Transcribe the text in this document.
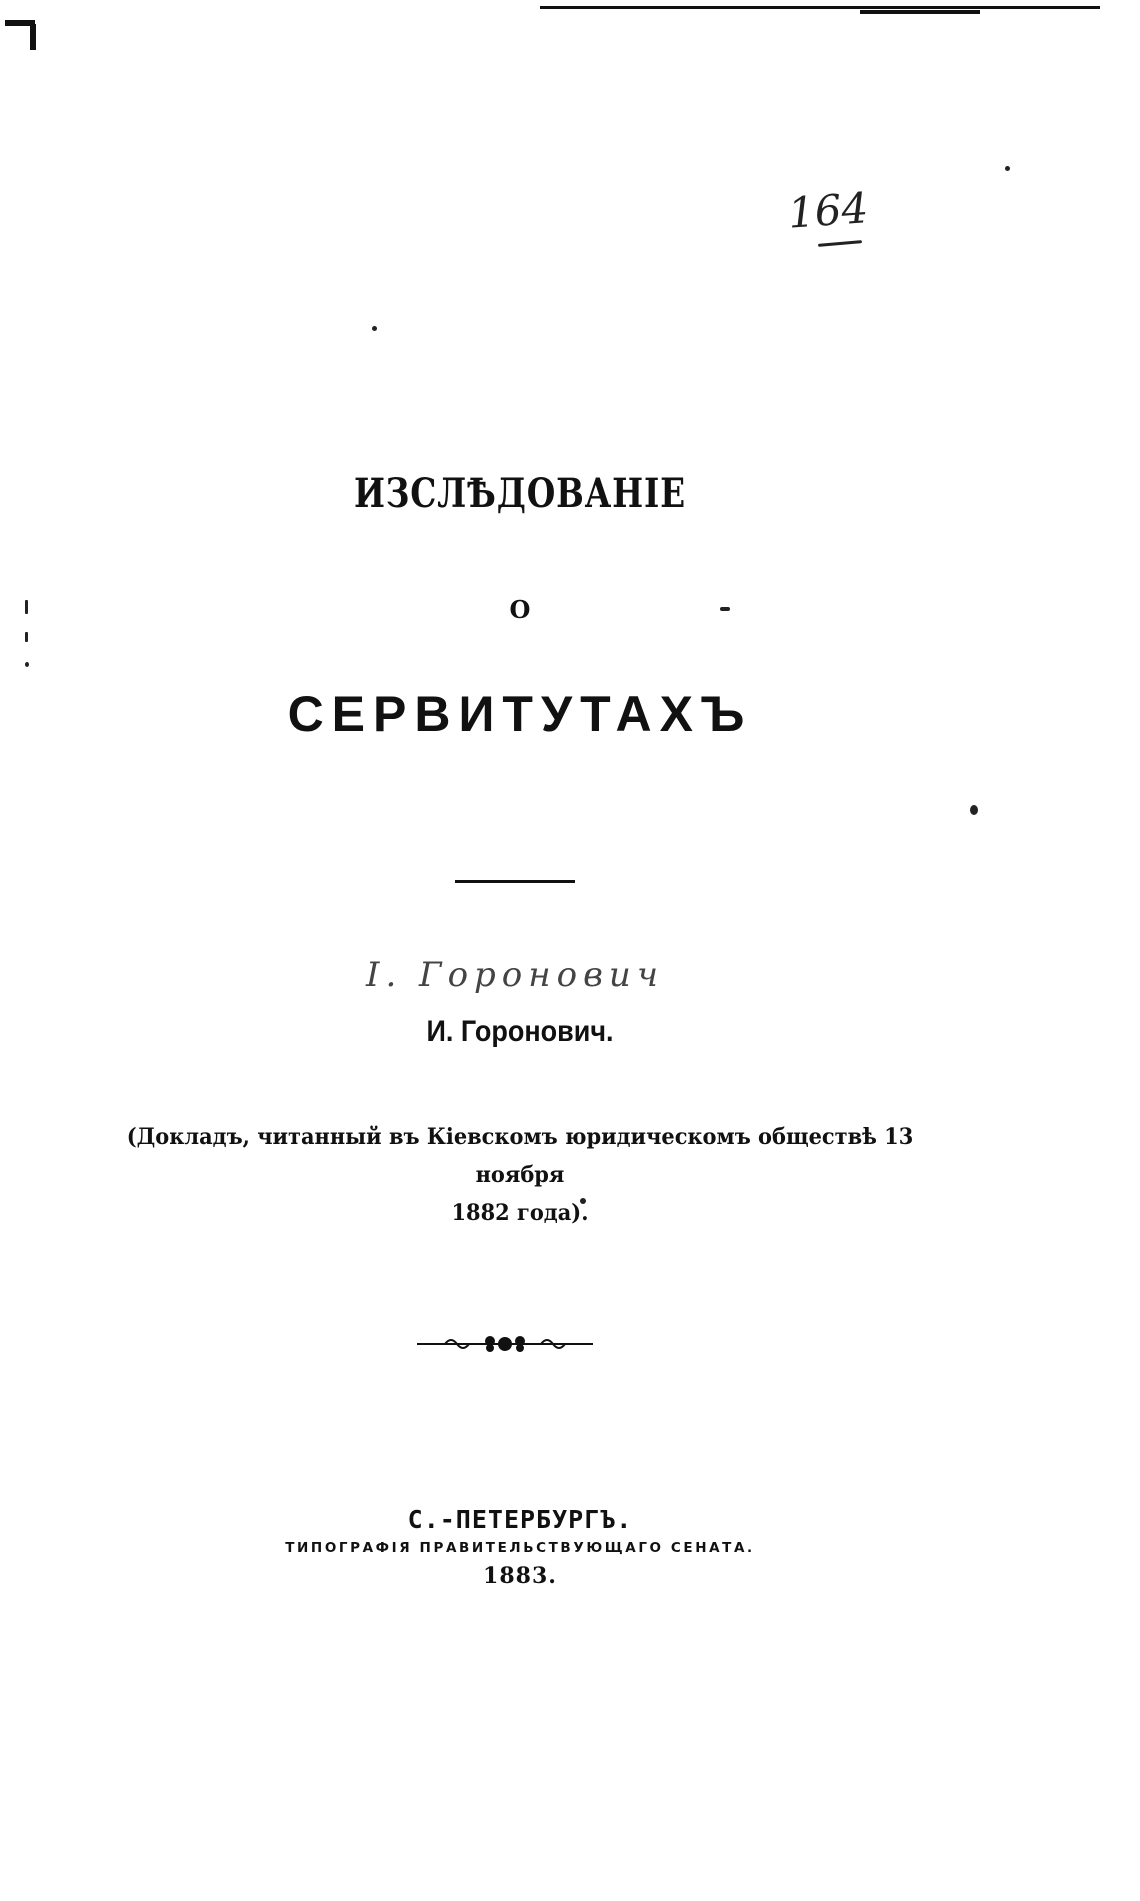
164
ИЗСЛѢДОВАНІЕ
О
СЕРВИТУТАХЪ
I. Горонович
И. Горонович.
(Докладъ, читанный въ Кіевскомъ юридическомъ обществѣ 13 ноября
1882 года).
С.-ПЕТЕРБУРГЪ.
ТИПОГРАФІЯ ПРАВИТЕЛЬСТВУЮЩАГО СЕНАТА.
1883.
